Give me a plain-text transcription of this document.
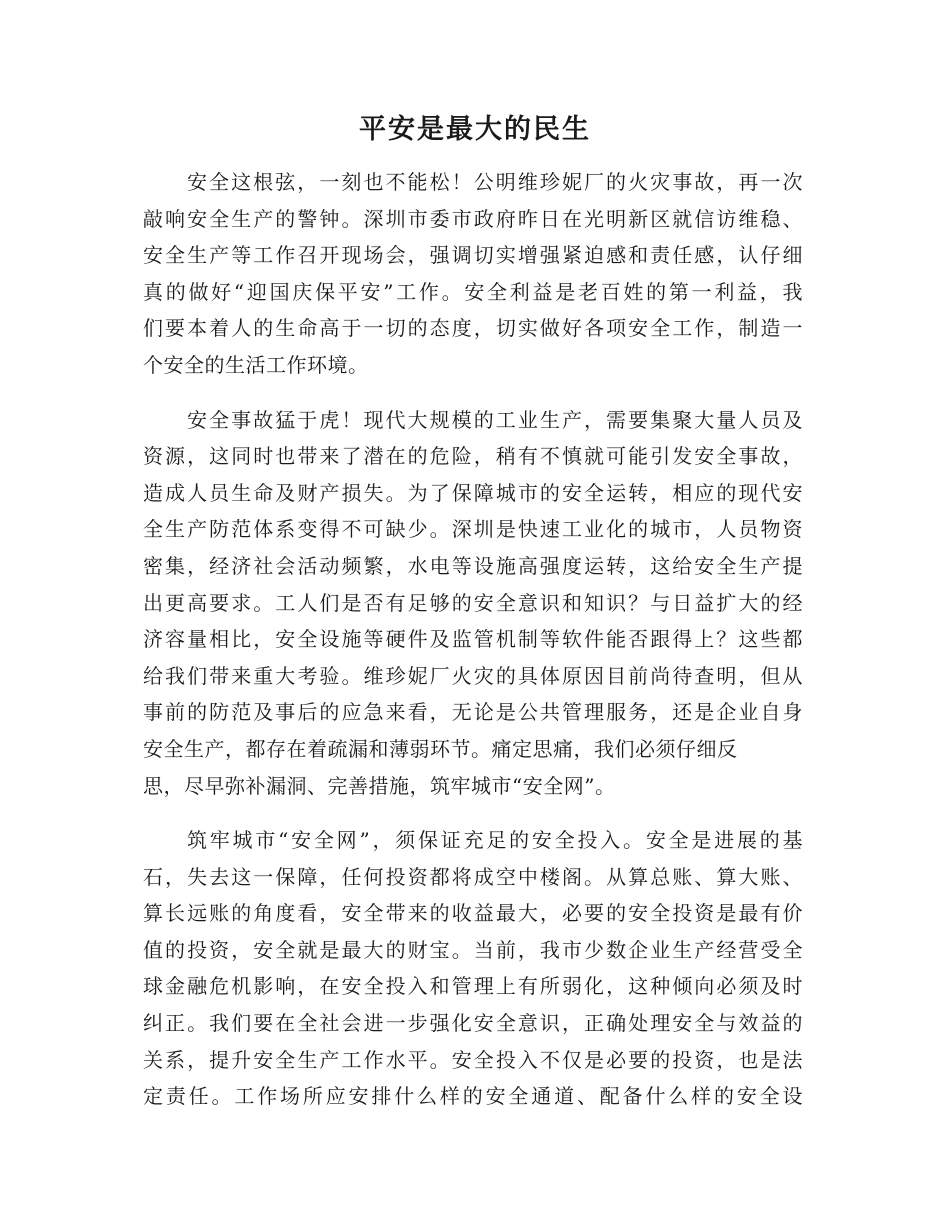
平安是最大的民生
安全这根弦，一刻也不能松！公明维珍妮厂的火灾事故，再一次
敲响安全生产的警钟。深圳市委市政府昨日在光明新区就信访维稳、
安全生产等工作召开现场会，强调切实增强紧迫感和责任感，认仔细
真的做好“迎国庆保平安”工作。安全利益是老百姓的第一利益，我
们要本着人的生命高于一切的态度，切实做好各项安全工作，制造一
个安全的生活工作环境。
安全事故猛于虎！现代大规模的工业生产，需要集聚大量人员及
资源，这同时也带来了潜在的危险，稍有不慎就可能引发安全事故，
造成人员生命及财产损失。为了保障城市的安全运转，相应的现代安
全生产防范体系变得不可缺少。深圳是快速工业化的城市，人员物资
密集，经济社会活动频繁，水电等设施高强度运转，这给安全生产提
出更高要求。工人们是否有足够的安全意识和知识？与日益扩大的经
济容量相比，安全设施等硬件及监管机制等软件能否跟得上？这些都
给我们带来重大考验。维珍妮厂火灾的具体原因目前尚待查明，但从
事前的防范及事后的应急来看，无论是公共管理服务，还是企业自身
安全生产，都存在着疏漏和薄弱环节。痛定思痛，我们必须仔细反
思，尽早弥补漏洞、完善措施，筑牢城市“安全网”。
筑牢城市“安全网”，须保证充足的安全投入。安全是进展的基
石，失去这一保障，任何投资都将成空中楼阁。从算总账、算大账、
算长远账的角度看，安全带来的收益最大，必要的安全投资是最有价
值的投资，安全就是最大的财宝。当前，我市少数企业生产经营受全
球金融危机影响，在安全投入和管理上有所弱化，这种倾向必须及时
纠正。我们要在全社会进一步强化安全意识，正确处理安全与效益的
关系，提升安全生产工作水平。安全投入不仅是必要的投资，也是法
定责任。工作场所应安排什么样的安全通道、配备什么样的安全设
